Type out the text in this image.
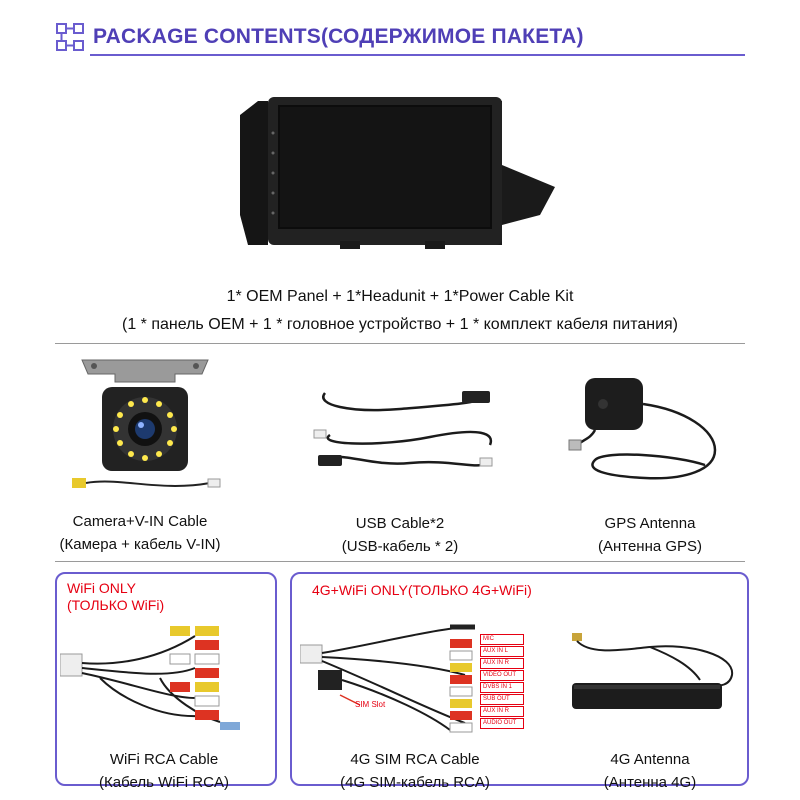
PACKAGE CONTENTS(СОДЕРЖИМОЕ ПАКЕТА)
1* OEM Panel + 1*Headunit + 1*Power Cable Kit
(1 * панель OEM + 1 * головное устройство + 1 * комплект кабеля питания)
Camera+V-IN Cable
(Камера + кабель V-IN)
USB Cable*2
(USB-кабель * 2)
GPS Antenna
(Антенна GPS)
WiFi ONLY
(ТОЛЬКО WiFi)
WiFi RCA Cable
(Кабель WiFi RCA)
4G+WiFi ONLY(ТОЛЬКО 4G+WiFi)
SIM Slot
MIC
AUX IN L
AUX IN R
VIDEO OUT
DVBS IN 1
SUB OUT
AUX IN R
AUDIO OUT
4G SIM RCA Cable
(4G SIM-кабель RCA)
4G Antenna
(Антенна 4G)
